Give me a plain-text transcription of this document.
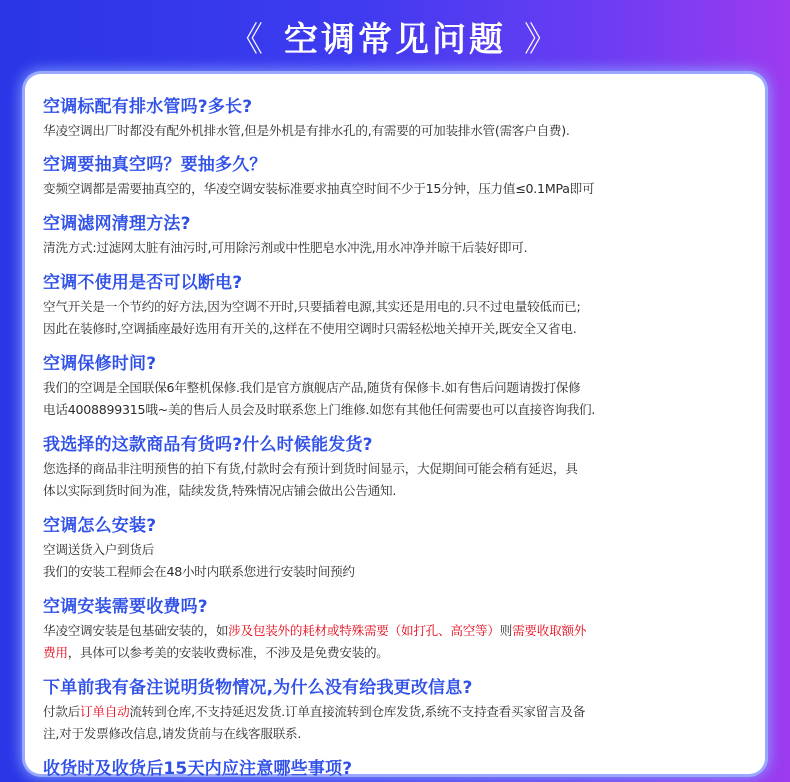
《 空调常见问题 》
空调标配有排水管吗?多长?
华凌空调出厂时都没有配外机排水管,但是外机是有排水孔的,有需要的可加装排水管(需客户自费).
空调要抽真空吗？要抽多久？
变频空调都是需要抽真空的，华凌空调安装标准要求抽真空时间不少于15分钟，压力值≤0.1MPa即可
空调滤网清理方法?
清洗方式:过滤网太脏有油污时,可用除污剂或中性肥皂水冲洗,用水冲净并晾干后装好即可.
空调不使用是否可以断电?
空气开关是一个节约的好方法,因为空调不开时,只要插着电源,其实还是用电的.只不过电量较低而已;
因此在装修时,空调插座最好选用有开关的,这样在不使用空调时只需轻松地关掉开关,既安全又省电.
空调保修时间?
我们的空调是全国联保6年整机保修.我们是官方旗舰店产品,随货有保修卡.如有售后问题请拨打保修
电话4008899315哦~美的售后人员会及时联系您上门维修.如您有其他任何需要也可以直接咨询我们.
我选择的这款商品有货吗?什么时候能发货?
您选择的商品非注明预售的拍下有货,付款时会有预计到货时间显示，大促期间可能会稍有延迟，具
体以实际到货时间为准，陆续发货,特殊情况店铺会做出公告通知.
空调怎么安装?
空调送货入户到货后
我们的安装工程师会在48小时内联系您进行安装时间预约
空调安装需要收费吗?
华凌空调安装是包基础安装的，如涉及包装外的耗材或特殊需要（如打孔、高空等）则需要收取额外
费用，具体可以参考美的安装收费标准，不涉及是免费安装的。
下单前我有备注说明货物情况,为什么没有给我更改信息?
付款后订单自动流转到仓库,不支持延迟发货.订单直接流转到仓库发货,系统不支持查看买家留言及备
注,对于发票修改信息,请发货前与在线客服联系.
收货时及收货后15天内应注意哪些事项?
